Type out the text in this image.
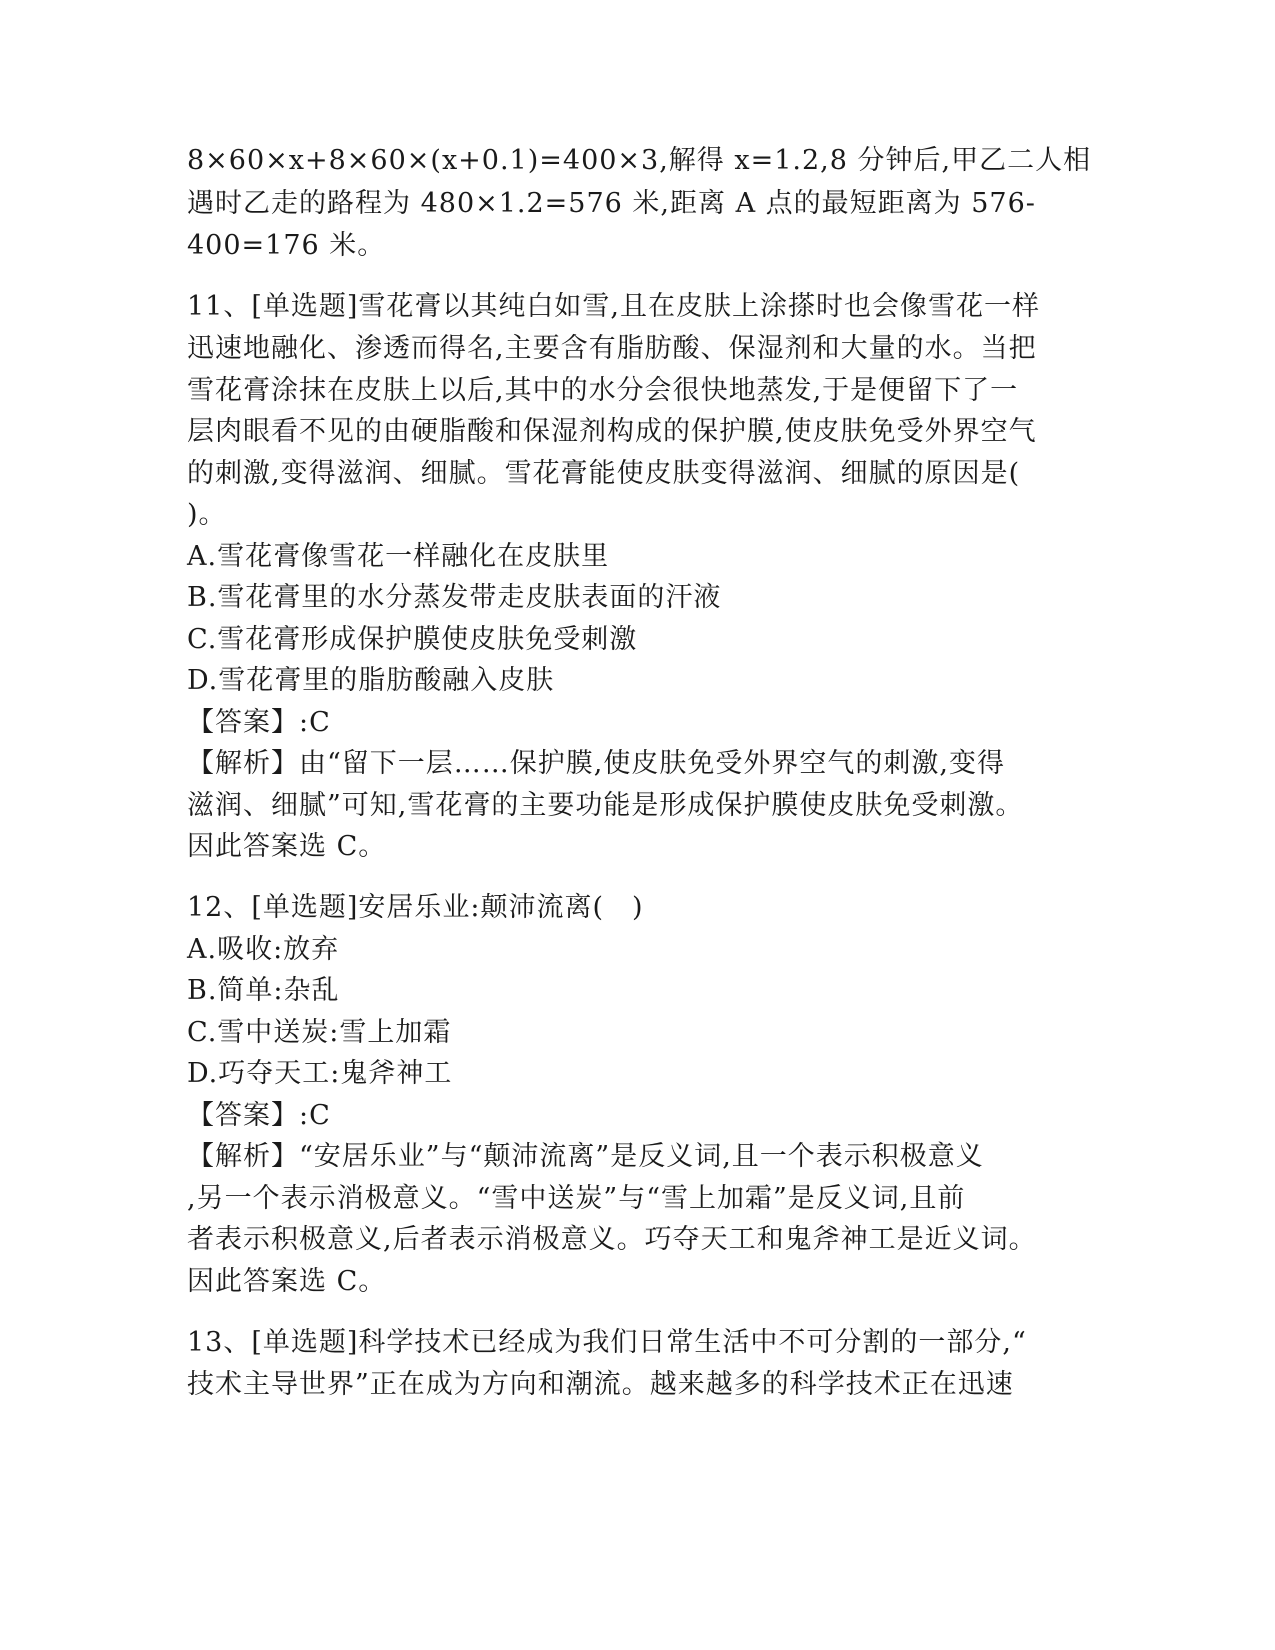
8×60×x+8×60×(x+0.1)=400×3,解得 x=1.2,8 分钟后,甲乙二人相
遇时乙走的路程为 480×1.2=576 米,距离 A 点的最短距离为 576-
400=176 米。
11、[单选题]雪花膏以其纯白如雪,且在皮肤上涂搽时也会像雪花一样
迅速地融化、渗透而得名,主要含有脂肪酸、保湿剂和大量的水。当把
雪花膏涂抹在皮肤上以后,其中的水分会很快地蒸发,于是便留下了一
层肉眼看不见的由硬脂酸和保湿剂构成的保护膜,使皮肤免受外界空气
的刺激,变得滋润、细腻。雪花膏能使皮肤变得滋润、细腻的原因是(
)。
A.雪花膏像雪花一样融化在皮肤里
B.雪花膏里的水分蒸发带走皮肤表面的汗液
C.雪花膏形成保护膜使皮肤免受刺激
D.雪花膏里的脂肪酸融入皮肤
【答案】:C
【解析】由“留下一层……保护膜,使皮肤免受外界空气的刺激,变得
滋润、细腻”可知,雪花膏的主要功能是形成保护膜使皮肤免受刺激。
因此答案选 C。
12、[单选题]安居乐业:颠沛流离(　)
A.吸收:放弃
B.简单:杂乱
C.雪中送炭:雪上加霜
D.巧夺天工:鬼斧神工
【答案】:C
【解析】“安居乐业”与“颠沛流离”是反义词,且一个表示积极意义
,另一个表示消极意义。“雪中送炭”与“雪上加霜”是反义词,且前
者表示积极意义,后者表示消极意义。巧夺天工和鬼斧神工是近义词。
因此答案选 C。
13、[单选题]科学技术已经成为我们日常生活中不可分割的一部分,“
技术主导世界”正在成为方向和潮流。越来越多的科学技术正在迅速
